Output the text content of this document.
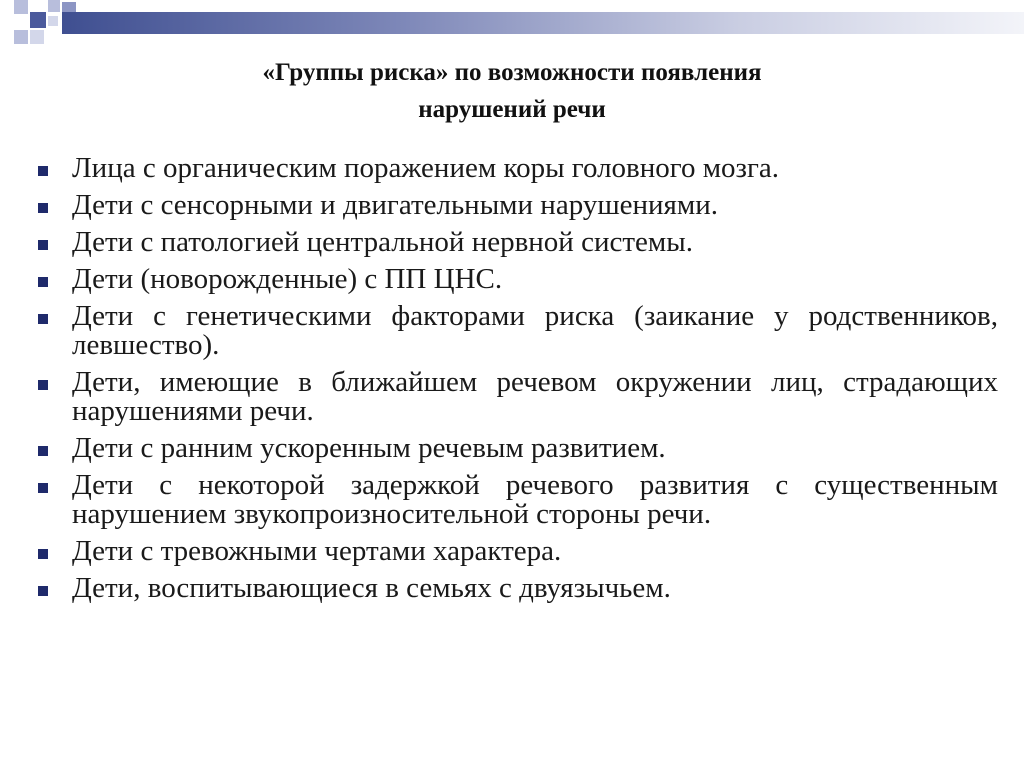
«Группы риска» по возможности появления
нарушений речи
Лица с органическим поражением коры головного мозга.
Дети с сенсорными и двигательными нарушениями.
Дети с патологией центральной нервной системы.
Дети (новорожденные) с ПП ЦНС.
Дети с генетическими факторами риска (заикание у родственников, левшество).
Дети, имеющие в ближайшем речевом окружении лиц, страдающих нарушениями речи.
Дети с ранним ускоренным речевым развитием.
Дети с некоторой задержкой речевого развития с существенным нарушением звукопроизносительной стороны речи.
Дети с тревожными чертами характера.
Дети, воспитывающиеся в семьях с двуязычьем.
